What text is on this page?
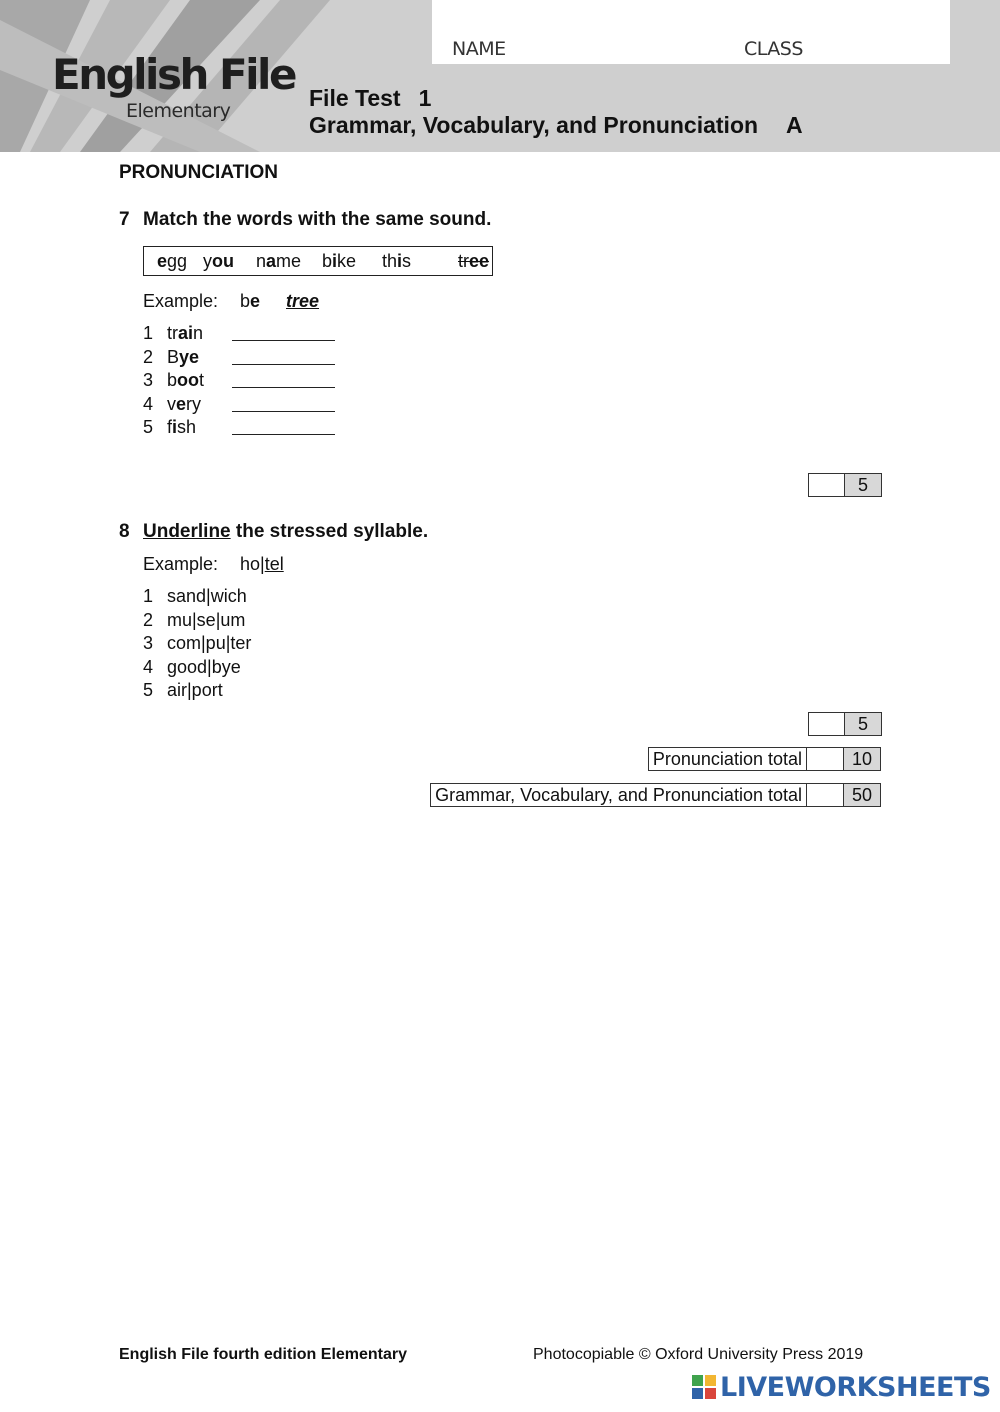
NAME	CLASS
English File
Elementary	File Test 1
Grammar, Vocabulary, and Pronunciation A
PRONUNCIATION
7 Match the words with the same sound.
egg you name bike this	tree
Example: be tree
1 train
2 Bye
3 boot
4 very
5 fish
5
8 Underline the stressed syllable.
Example: ho|tel
1 sand|wich
2 mu|se|um
3 com|pu|ter
4 good|bye
5 air|port
5
Pronunciation total	10
Grammar, Vocabulary, and Pronunciation total	50
English File fourth edition Elementary	Photocopiable © Oxford University Press 2019
LIVEWORKSHEETS
